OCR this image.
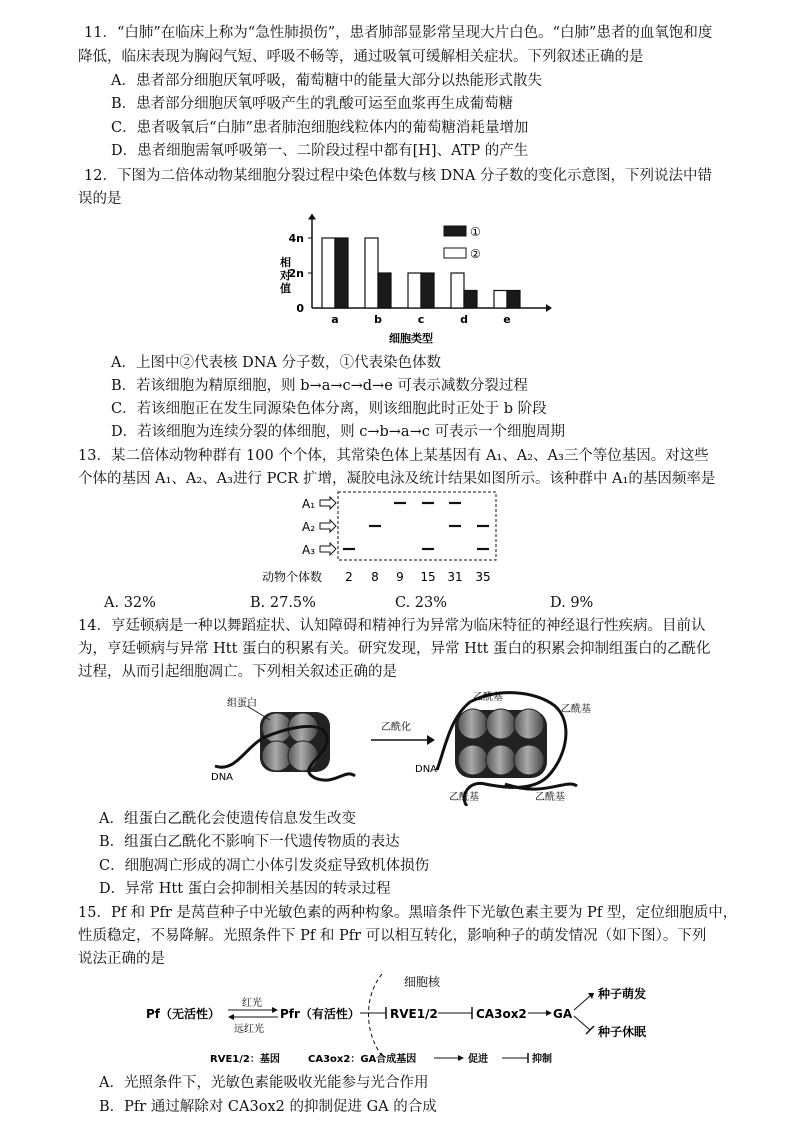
11．“白肺”在临床上称为“急性肺损伤”，患者肺部显影常呈现大片白色。“白肺”患者的血氧饱和度
降低，临床表现为胸闷气短、呼吸不畅等，通过吸氧可缓解相关症状。下列叙述正确的是
A．患者部分细胞厌氧呼吸，葡萄糖中的能量大部分以热能形式散失
B．患者部分细胞厌氧呼吸产生的乳酸可运至血浆再生成葡萄糖
C．患者吸氧后“白肺”患者肺泡细胞线粒体内的葡萄糖消耗量增加
D．患者细胞需氧呼吸第一、二阶段过程中都有[H]、ATP 的产生
12．下图为二倍体动物某细胞分裂过程中染色体数与核 DNA 分子数的变化示意图，下列说法中错
误的是
0
2n
4n
相对值
a	b	c	d	e
细胞类型
①
②
A．上图中②代表核 DNA 分子数，①代表染色体数
B．若该细胞为精原细胞，则 b→a→c→d→e 可表示减数分裂过程
C．若该细胞正在发生同源染色体分离，则该细胞此时正处于 b 阶段
D．若该细胞为连续分裂的体细胞，则 c→b→a→c 可表示一个细胞周期
13．某二倍体动物种群有 100 个个体，其常染色体上某基因有 A₁、A₂、A₃三个等位基因。对这些
个体的基因 A₁、A₂、A₃进行 PCR 扩增，凝胶电泳及统计结果如图所示。该种群中 A₁的基因频率是
A₁
A₂
A₃
动物个体数 2 8 9 15 31 35
A. 32%	B. 27.5%	C. 23%	D. 9%
14．亨廷顿病是一种以舞蹈症状、认知障碍和精神行为异常为临床特征的神经退行性疾病。目前认
为，亨廷顿病与异常 Htt 蛋白的积累有关。研究发现，异常 Htt 蛋白的积累会抑制组蛋白的乙酰化
过程，从而引起细胞凋亡。下列相关叙述正确的是
组蛋白
DNA
乙酰化
乙酰基
乙酰基
乙酰基	乙酰基
DNA
A．组蛋白乙酰化会使遗传信息发生改变
B．组蛋白乙酰化不影响下一代遗传物质的表达
C．细胞凋亡形成的凋亡小体引发炎症导致机体损伤
D．异常 Htt 蛋白会抑制相关基因的转录过程
15．Pf 和 Pfr 是莴苣种子中光敏色素的两种构象。黑暗条件下光敏色素主要为 Pf 型，定位细胞质中，
性质稳定，不易降解。光照条件下 Pf 和 Pfr 可以相互转化，影响种子的萌发情况（如下图）。下列
说法正确的是
Pf（无活性）
红光
远红光
Pfr（有活性）
细胞核
RVE1/2	CA3ox2 GA
种子萌发
种子休眠
RVE1/2：基因	CA3ox2：GA合成基因	促进	抑制
A．光照条件下，光敏色素能吸收光能参与光合作用
B．Pfr 通过解除对 CA3ox2 的抑制促进 GA 的合成
